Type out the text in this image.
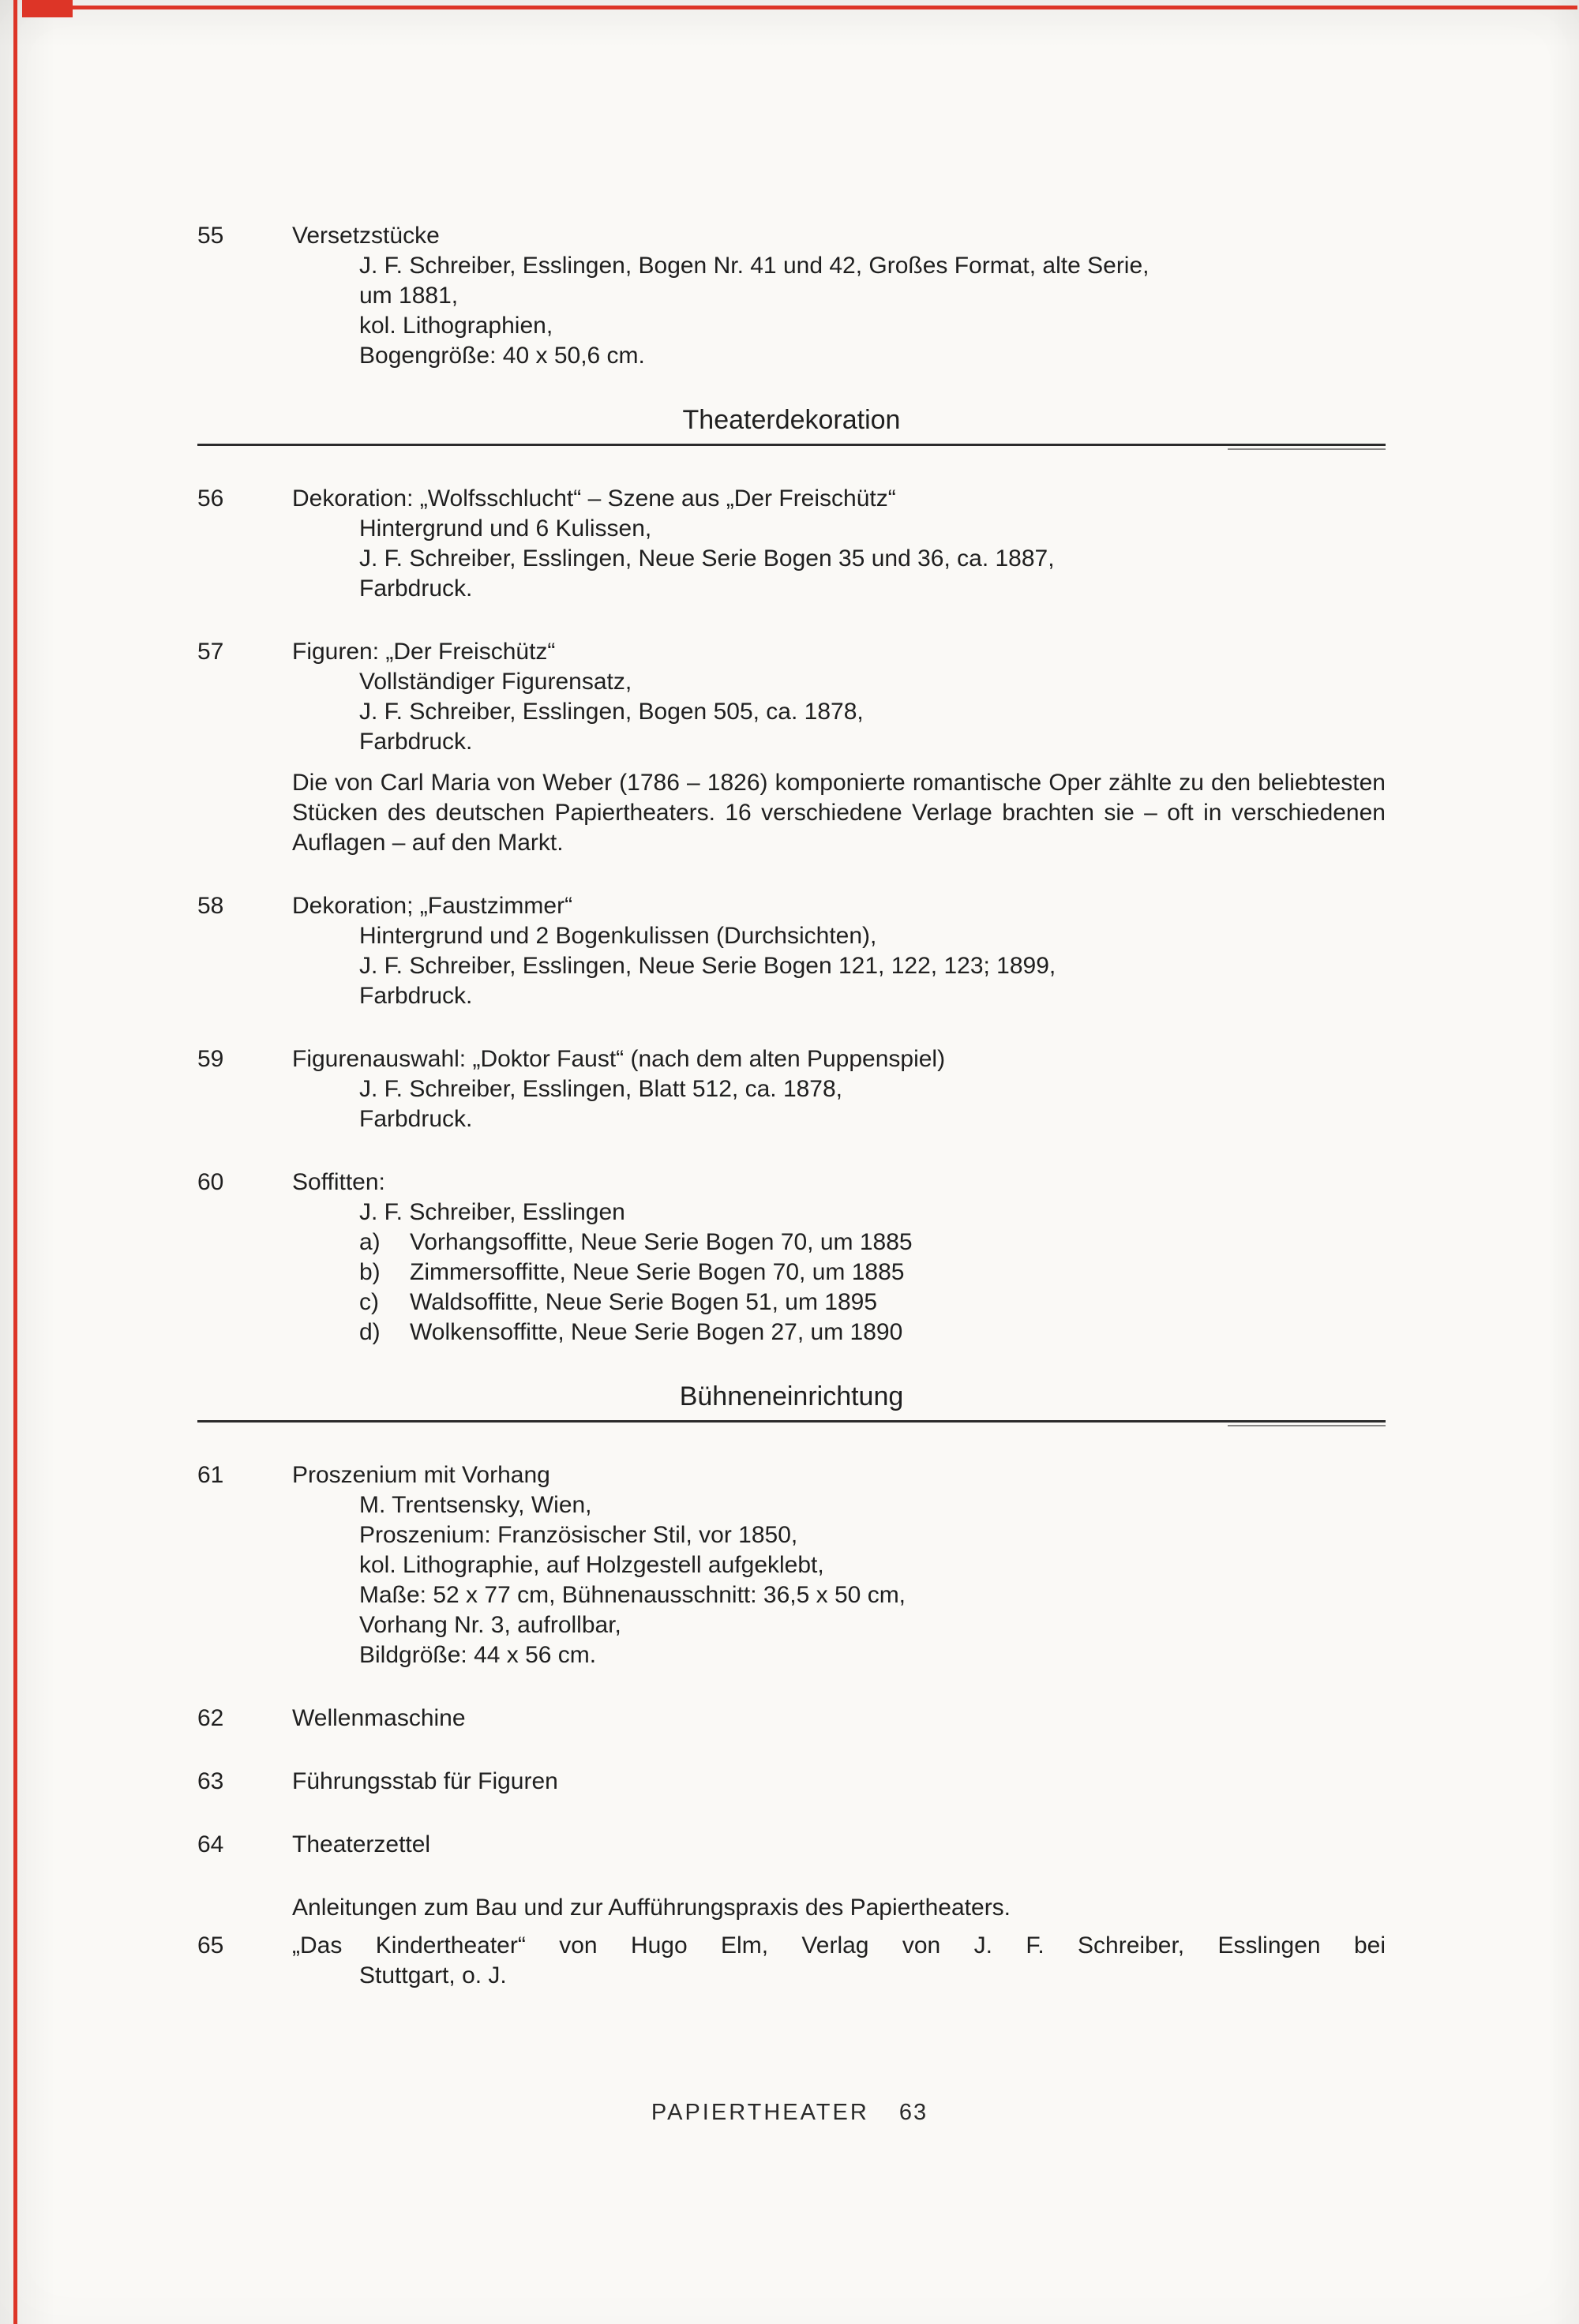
55	Versetzstücke
J. F. Schreiber, Esslingen, Bogen Nr. 41 und 42, Großes Format, alte Serie,
um 1881,
kol. Lithographien,
Bogengröße: 40 x 50,6 cm.
Theaterdekoration
56	Dekoration: „Wolfsschlucht“ – Szene aus „Der Freischütz“
Hintergrund und 6 Kulissen,
J. F. Schreiber, Esslingen, Neue Serie Bogen 35 und 36, ca. 1887,
Farbdruck.
57	Figuren: „Der Freischütz“
Vollständiger Figurensatz,
J. F. Schreiber, Esslingen, Bogen 505, ca. 1878,
Farbdruck.
Die von Carl Maria von Weber (1786 – 1826) komponierte romantische Oper zählte zu den beliebtesten Stücken des deutschen Papiertheaters. 16 verschiedene Verlage brachten sie – oft in verschiedenen Auflagen – auf den Markt.
58	Dekoration; „Faustzimmer“
Hintergrund und 2 Bogenkulissen (Durchsichten),
J. F. Schreiber, Esslingen, Neue Serie Bogen 121, 122, 123; 1899,
Farbdruck.
59	Figurenauswahl: „Doktor Faust“ (nach dem alten Puppenspiel)
J. F. Schreiber, Esslingen, Blatt 512, ca. 1878,
Farbdruck.
60	Soffitten:
J. F. Schreiber, Esslingen
a)	Vorhangsoffitte, Neue Serie Bogen 70, um 1885
b)	Zimmersoffitte, Neue Serie Bogen 70, um 1885
c)	Waldsoffitte, Neue Serie Bogen 51, um 1895
d)	Wolkensoffitte, Neue Serie Bogen 27, um 1890
Bühneneinrichtung
61	Proszenium mit Vorhang
M. Trentsensky, Wien,
Proszenium: Französischer Stil, vor 1850,
kol. Lithographie, auf Holzgestell aufgeklebt,
Maße: 52 x 77 cm, Bühnenausschnitt: 36,5 x 50 cm,
Vorhang Nr. 3, aufrollbar,
Bildgröße: 44 x 56 cm.
62	Wellenmaschine
63	Führungsstab für Figuren
64	Theaterzettel
Anleitungen zum Bau und zur Aufführungspraxis des Papiertheaters.
65	„Das Kindertheater“ von Hugo Elm, Verlag von J. F. Schreiber, Esslingen bei
Stuttgart, o. J.
PAPIERTHEATER 63
